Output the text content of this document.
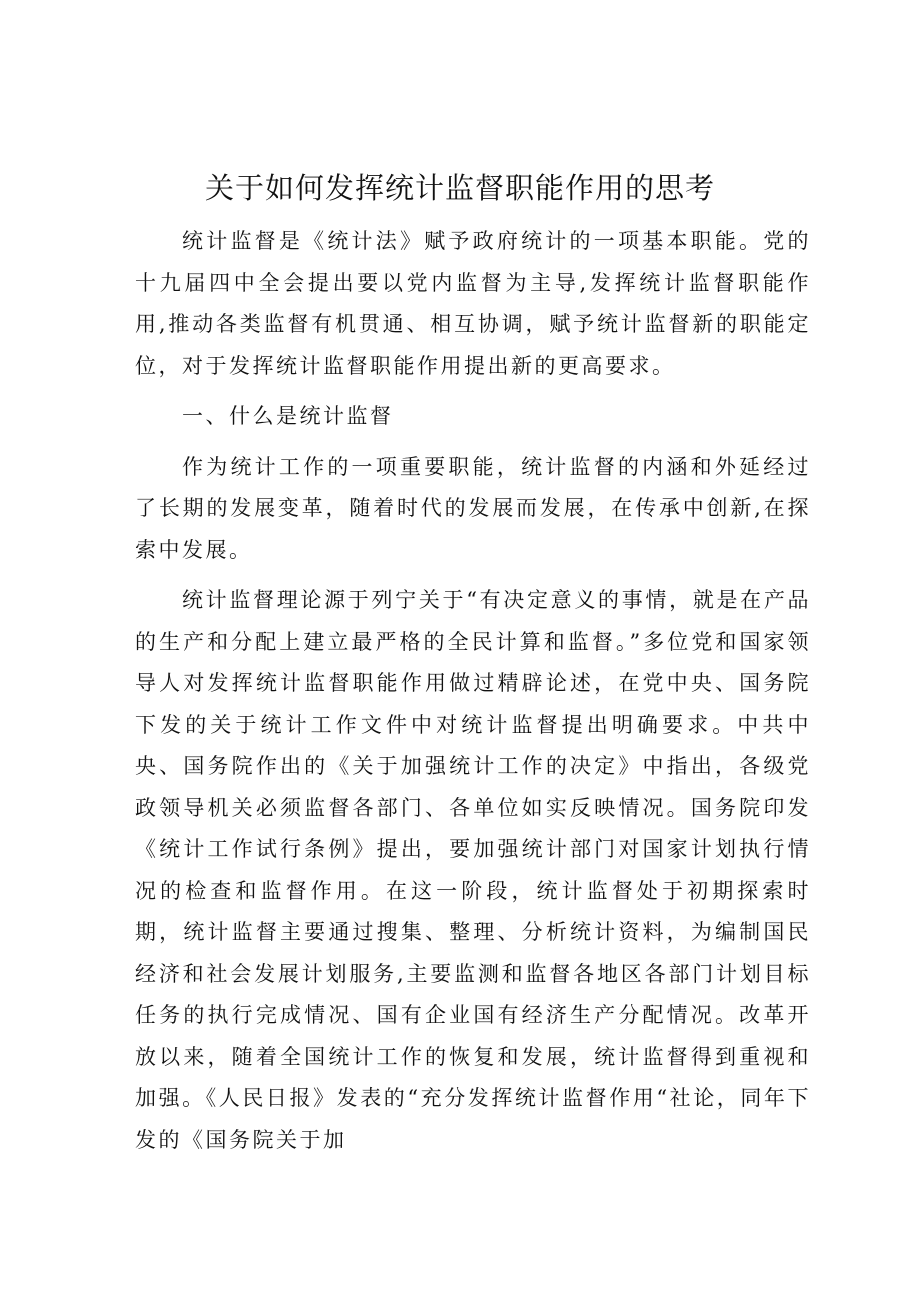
关于如何发挥统计监督职能作用的思考

统计监督是《统计法》赋予政府统计的一项基本职能。党的十九届四中全会提出要以党内监督为主导,发挥统计监督职能作用,推动各类监督有机贯通、相互协调，赋予统计监督新的职能定位，对于发挥统计监督职能作用提出新的更高要求。

一、什么是统计监督

作为统计工作的一项重要职能，统计监督的内涵和外延经过了长期的发展变革，随着时代的发展而发展，在传承中创新,在探索中发展。

统计监督理论源于列宁关于“有决定意义的事情，就是在产品的生产和分配上建立最严格的全民计算和监督。”多位党和国家领导人对发挥统计监督职能作用做过精辟论述，在党中央、国务院下发的关于统计工作文件中对统计监督提出明确要求。中共中央、国务院作出的《关于加强统计工作的决定》中指出，各级党政领导机关必须监督各部门、各单位如实反映情况。国务院印发《统计工作试行条例》提出，要加强统计部门对国家计划执行情况的检查和监督作用。在这一阶段，统计监督处于初期探索时期，统计监督主要通过搜集、整理、分析统计资料，为编制国民经济和社会发展计划服务,主要监测和监督各地区各部门计划目标任务的执行完成情况、国有企业国有经济生产分配情况。改革开放以来，随着全国统计工作的恢复和发展，统计监督得到重视和加强。《人民日报》发表的“充分发挥统计监督作用“社论，同年下发的《国务院关于加
